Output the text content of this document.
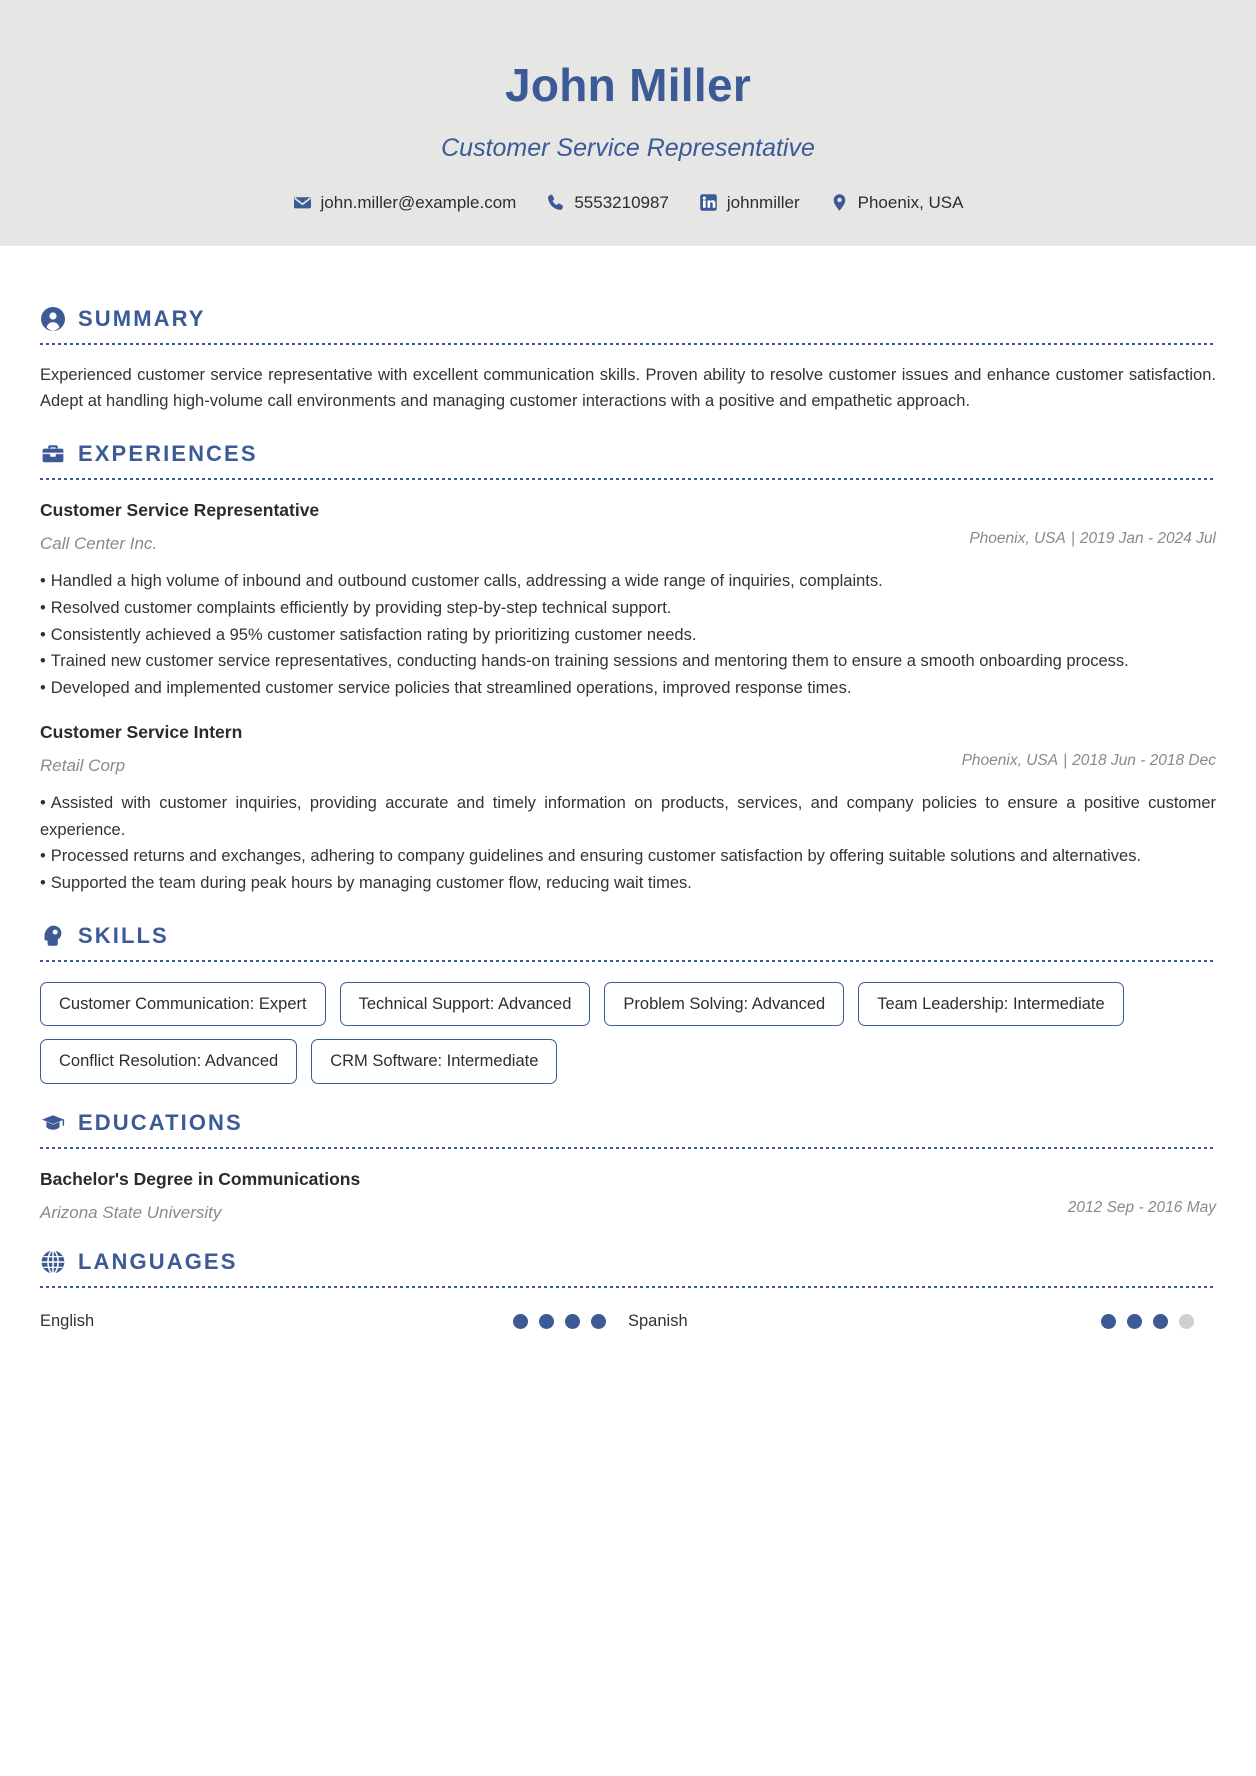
John Miller
Customer Service Representative
john.miller@example.com	5553210987	johnmiller	Phoenix, USA
SUMMARY

Experienced customer service representative with excellent communication skills. Proven ability to resolve customer issues and enhance customer satisfaction. Adept at handling high-volume call environments and managing customer interactions with a positive and empathetic approach.

EXPERIENCES
Customer Service Representative
Call Center Inc.	Phoenix, USA | 2019 Jan - 2024 Jul

• Handled a high volume of inbound and outbound customer calls, addressing a wide range of inquiries, complaints.

• Resolved customer complaints efficiently by providing step-by-step technical support.

• Consistently achieved a 95% customer satisfaction rating by prioritizing customer needs.

• Trained new customer service representatives, conducting hands-on training sessions and mentoring them to ensure a smooth onboarding process.

• Developed and implemented customer service policies that streamlined operations, improved response times.

Customer Service Intern
Retail Corp	Phoenix, USA | 2018 Jun - 2018 Dec

• Assisted with customer inquiries, providing accurate and timely information on products, services, and company policies to ensure a positive customer experience.

• Processed returns and exchanges, adhering to company guidelines and ensuring customer satisfaction by offering suitable solutions and alternatives.

• Supported the team during peak hours by managing customer flow, reducing wait times.

SKILLS
Customer Communication: Expert	Technical Support: Advanced	Problem Solving: Advanced	Team Leadership: Intermediate
Conflict Resolution: Advanced	CRM Software: Intermediate
EDUCATIONS
Bachelor's Degree in Communications
Arizona State University	2012 Sep - 2016 May
LANGUAGES
English	Spanish
